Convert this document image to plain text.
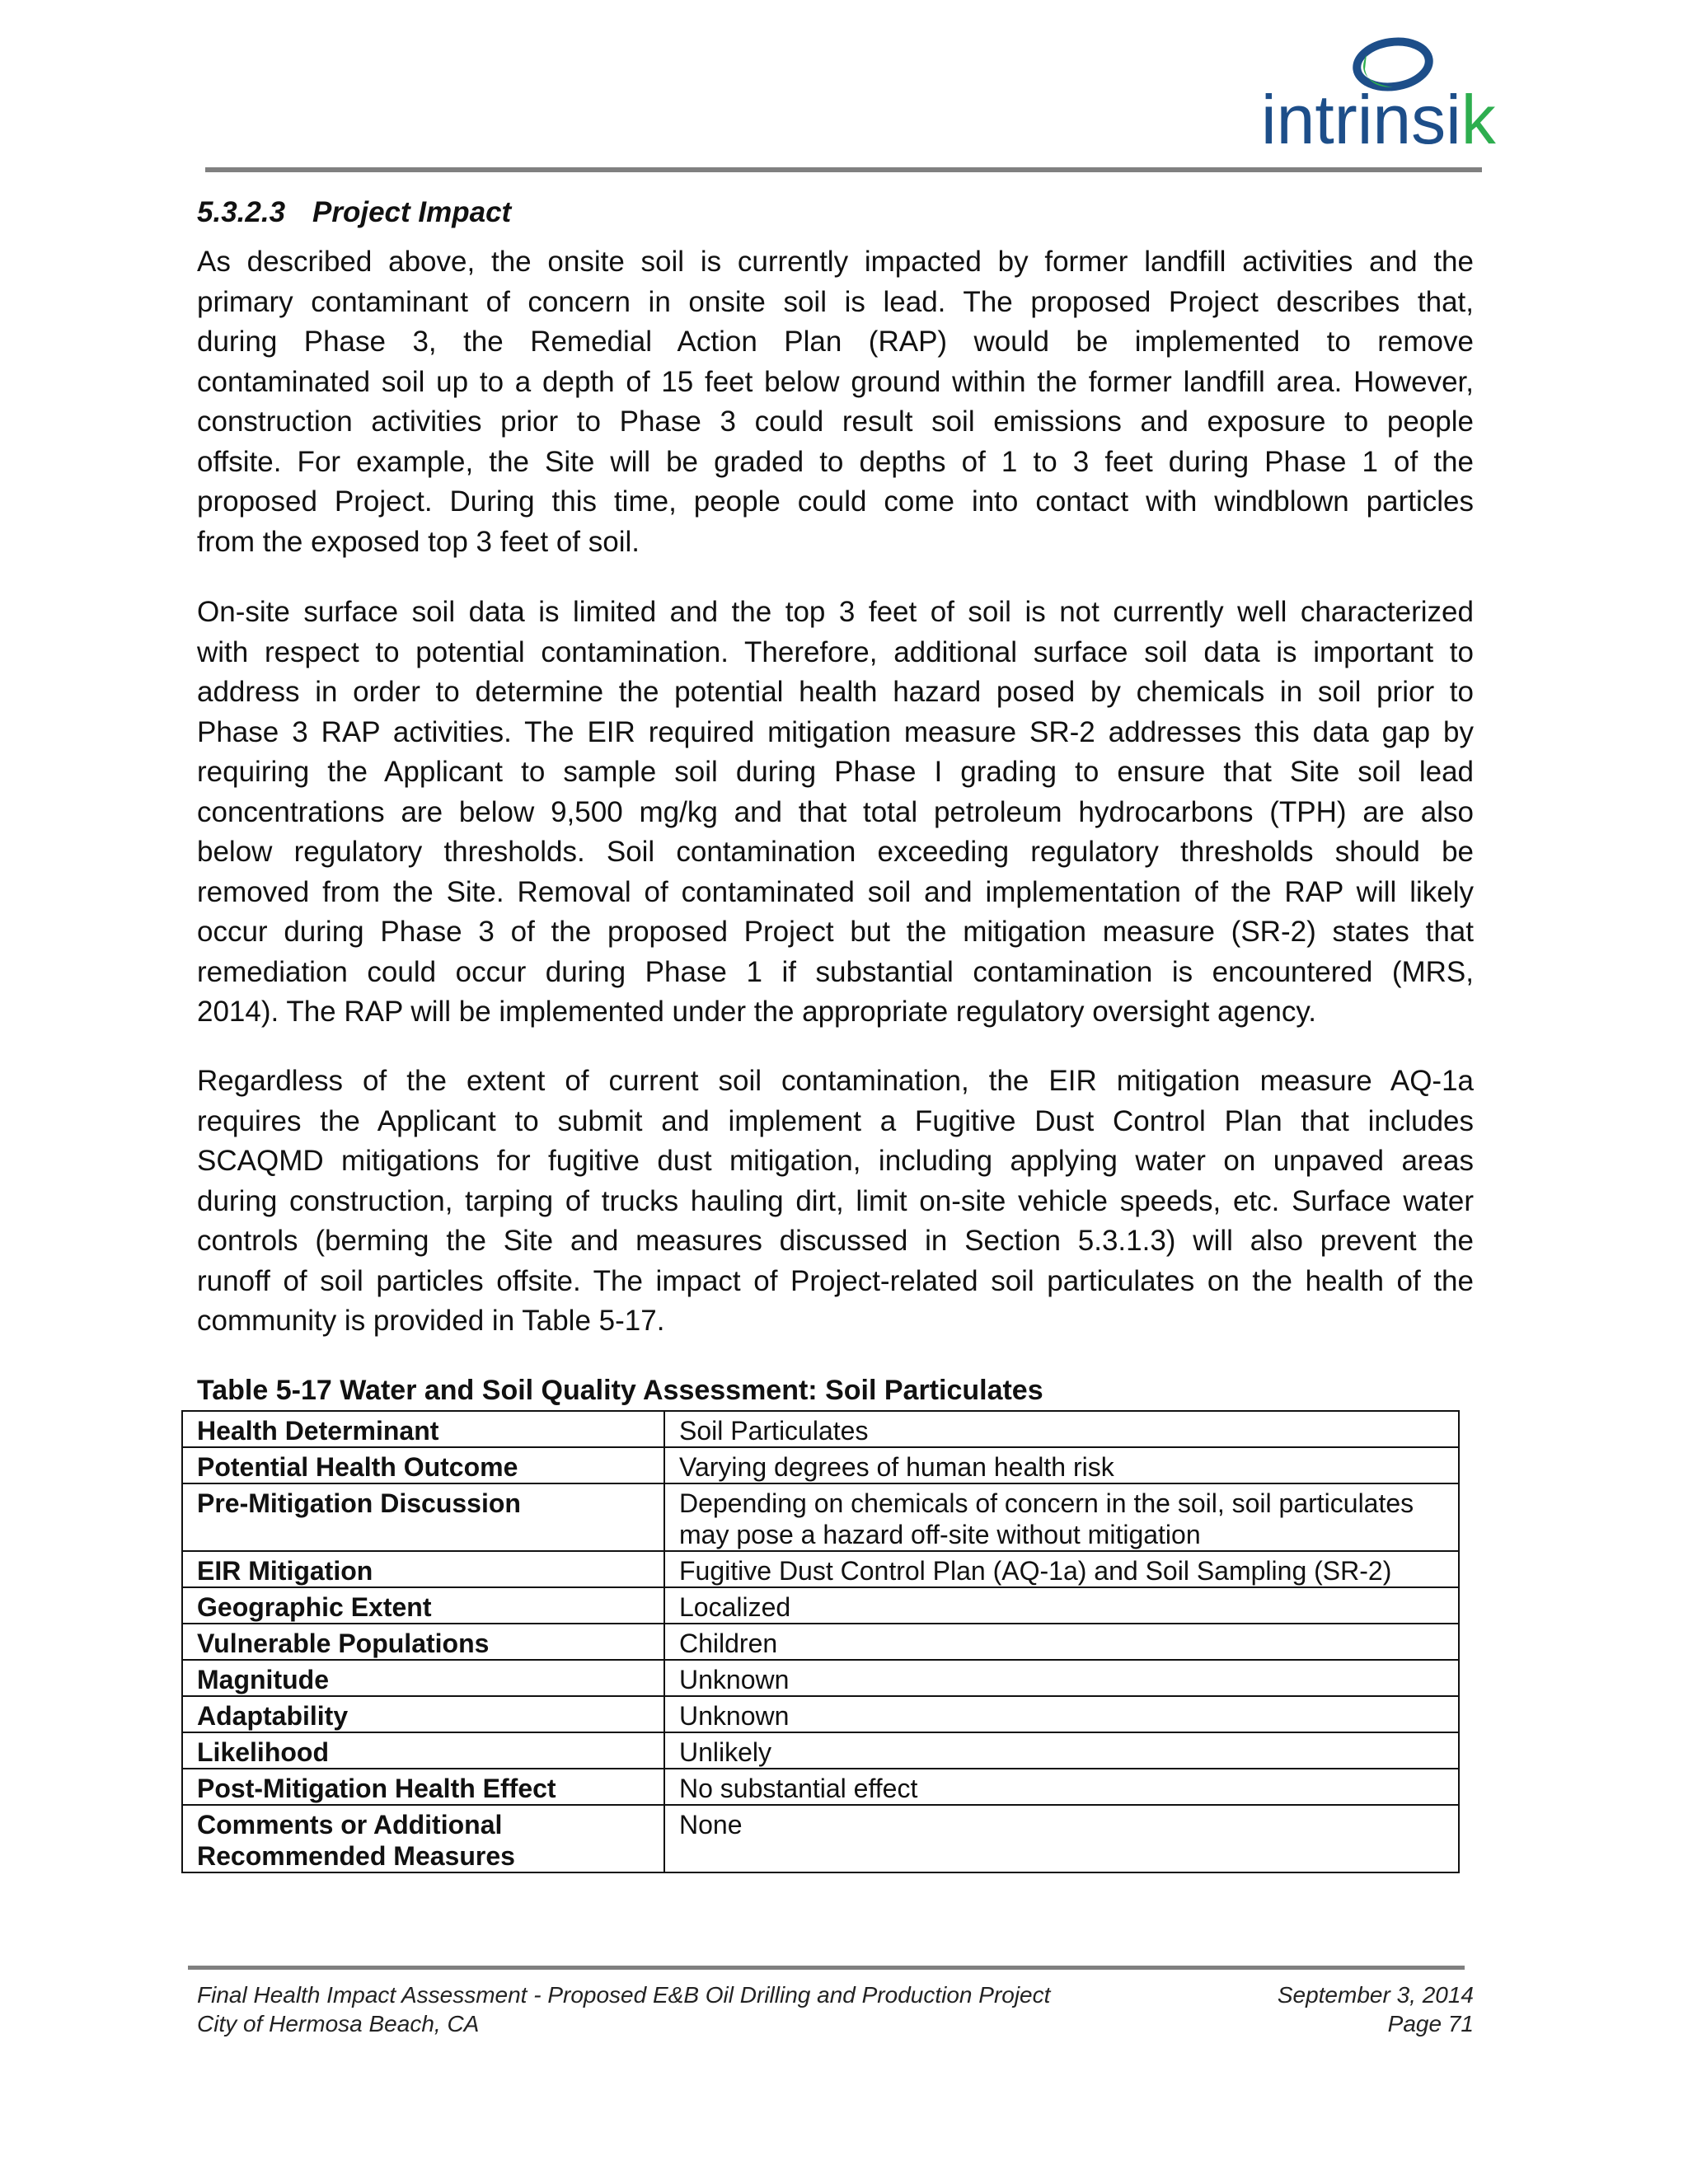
intrinsik
5.3.2.3 Project Impact
As described above, the onsite soil is currently impacted by former landfill activities and the
primary contaminant of concern in onsite soil is lead. The proposed Project describes that,
during Phase 3, the Remedial Action Plan (RAP) would be implemented to remove
contaminated soil up to a depth of 15 feet below ground within the former landfill area. However,
construction activities prior to Phase 3 could result soil emissions and exposure to people
offsite. For example, the Site will be graded to depths of 1 to 3 feet during Phase 1 of the
proposed Project. During this time, people could come into contact with windblown particles
from the exposed top 3 feet of soil.
On-site surface soil data is limited and the top 3 feet of soil is not currently well characterized
with respect to potential contamination. Therefore, additional surface soil data is important to
address in order to determine the potential health hazard posed by chemicals in soil prior to
Phase 3 RAP activities. The EIR required mitigation measure SR-2 addresses this data gap by
requiring the Applicant to sample soil during Phase I grading to ensure that Site soil lead
concentrations are below 9,500 mg/kg and that total petroleum hydrocarbons (TPH) are also
below regulatory thresholds. Soil contamination exceeding regulatory thresholds should be
removed from the Site. Removal of contaminated soil and implementation of the RAP will likely
occur during Phase 3 of the proposed Project but the mitigation measure (SR-2) states that
remediation could occur during Phase 1 if substantial contamination is encountered (MRS,
2014). The RAP will be implemented under the appropriate regulatory oversight agency.
Regardless of the extent of current soil contamination, the EIR mitigation measure AQ-1a
requires the Applicant to submit and implement a Fugitive Dust Control Plan that includes
SCAQMD mitigations for fugitive dust mitigation, including applying water on unpaved areas
during construction, tarping of trucks hauling dirt, limit on-site vehicle speeds, etc. Surface water
controls (berming the Site and measures discussed in Section 5.3.1.3) will also prevent the
runoff of soil particles offsite. The impact of Project-related soil particulates on the health of the
community is provided in Table 5-17.
Table 5-17 Water and Soil Quality Assessment: Soil Particulates
Health Determinant	Soil Particulates
Potential Health Outcome	Varying degrees of human health risk
Pre-Mitigation Discussion	Depending on chemicals of concern in the soil, soil particulates may pose a hazard off-site without mitigation
EIR Mitigation	Fugitive Dust Control Plan (AQ-1a) and Soil Sampling (SR-2)
Geographic Extent	Localized
Vulnerable Populations	Children
Magnitude	Unknown
Adaptability	Unknown
Likelihood	Unlikely
Post-Mitigation Health Effect	No substantial effect
Comments or Additional Recommended Measures	None
Final Health Impact Assessment - Proposed E&B Oil Drilling and Production Project	September 3, 2014
City of Hermosa Beach, CA	Page 71
